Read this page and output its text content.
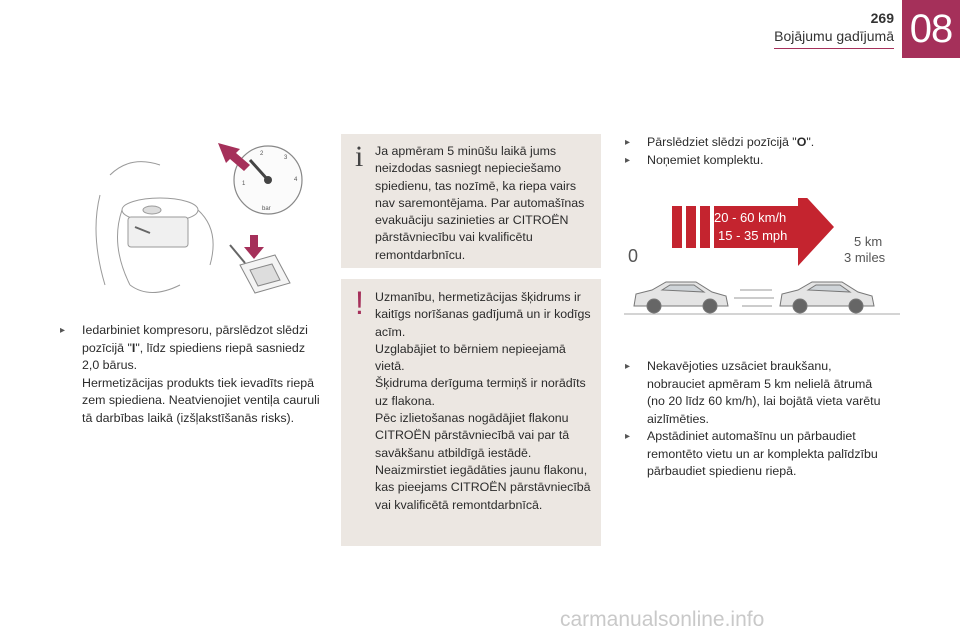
269
Bojājumu gadījumā 08
1
2
3
4
bar
▸	Iedarbiniet kompresoru, pārslēdzot slēdzi
pozīcijā "I", līdz spiediens riepā sasniedz
2,0 bārus.
Hermetizācijas produkts tiek ievadīts riepā
zem spiediena. Neatvienojiet ventiļa cauruli
tā darbības laikā (izšļakstīšanās risks).
i Ja apmēram 5 minūšu laikā jums
neizdodas sasniegt nepieciešamo
spiedienu, tas nozīmē, ka riepa vairs
nav saremontējama. Par automašīnas
evakuāciju sazinieties ar CITROËN
pārstāvniecību vai kvalificētu
remontdarbnīcu.
! Uzmanību, hermetizācijas šķidrums ir
kaitīgs norīšanas gadījumā un ir kodīgs
acīm.
Uzglabājiet to bērniem nepieejamā
vietā.
Šķidruma derīguma termiņš ir norādīts
uz flakona.
Pēc izlietošanas nogādājiet flakonu
CITROËN pārstāvniecībā vai par tā
savākšanu atbildīgā iestādē.
Neaizmirstiet iegādāties jaunu flakonu,
kas pieejams CITROËN pārstāvniecībā
vai kvalificētā remontdarbnīcā.
▸	Pārslēdziet slēdzi pozīcijā "O".
▸	Noņemiet komplektu.
20 - 60 km/h
15 - 35 mph
0
5 km
3 miles
▸	Nekavējoties uzsāciet braukšanu,
nobrauciet apmēram 5 km nelielā ātrumā
(no 20 līdz 60 km/h), lai bojātā vieta varētu
aizlīmēties.
▸	Apstādiniet automašīnu un pārbaudiet
remontēto vietu un ar komplekta palīdzību
pārbaudiet spiedienu riepā.
carmanualsonline.info
